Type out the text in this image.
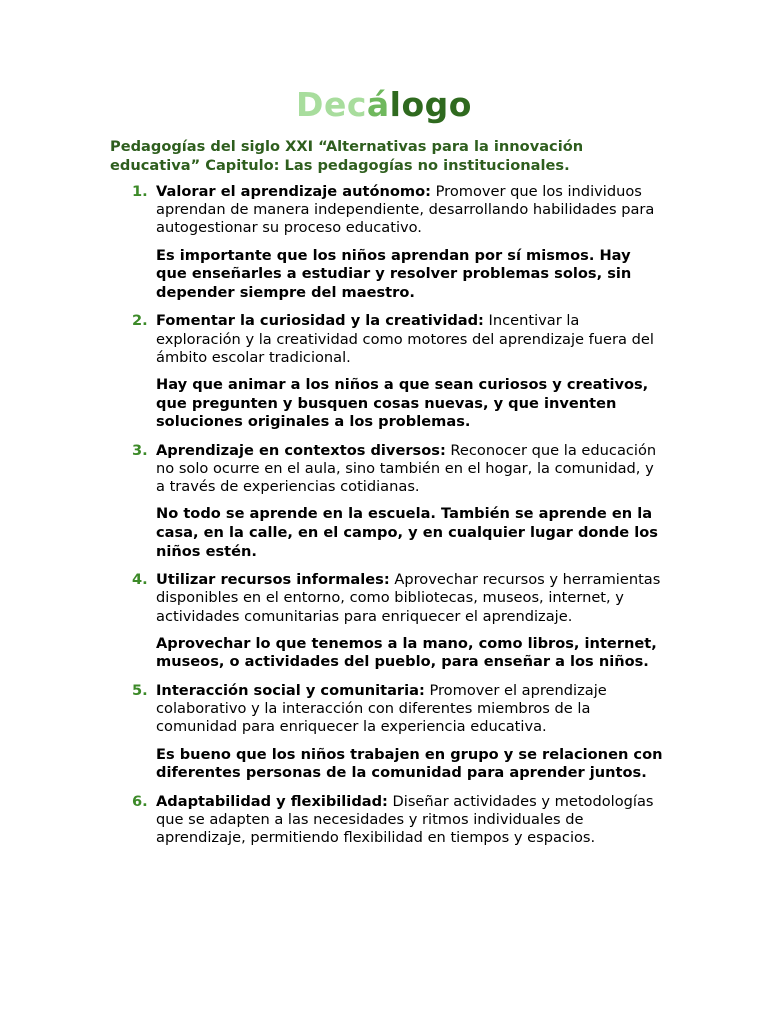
Decálogo

Pedagogías del siglo XXI “Alternativas para la innovación educativa” Capitulo: Las pedagogías no institucionales.

1. Valorar el aprendizaje autónomo: Promover que los individuos aprendan de manera independiente, desarrollando habilidades para autogestionar su proceso educativo.

Es importante que los niños aprendan por sí mismos. Hay que enseñarles a estudiar y resolver problemas solos, sin depender siempre del maestro.

2. Fomentar la curiosidad y la creatividad: Incentivar la exploración y la creatividad como motores del aprendizaje fuera del ámbito escolar tradicional.

Hay que animar a los niños a que sean curiosos y creativos, que pregunten y busquen cosas nuevas, y que inventen soluciones originales a los problemas.

3. Aprendizaje en contextos diversos: Reconocer que la educación no solo ocurre en el aula, sino también en el hogar, la comunidad, y a través de experiencias cotidianas.

No todo se aprende en la escuela. También se aprende en la casa, en la calle, en el campo, y en cualquier lugar donde los niños estén.

4. Utilizar recursos informales: Aprovechar recursos y herramientas disponibles en el entorno, como bibliotecas, museos, internet, y actividades comunitarias para enriquecer el aprendizaje.

Aprovechar lo que tenemos a la mano, como libros, internet, museos, o actividades del pueblo, para enseñar a los niños.

5. Interacción social y comunitaria: Promover el aprendizaje colaborativo y la interacción con diferentes miembros de la comunidad para enriquecer la experiencia educativa.

Es bueno que los niños trabajen en grupo y se relacionen con diferentes personas de la comunidad para aprender juntos.

6. Adaptabilidad y flexibilidad: Diseñar actividades y metodologías que se adapten a las necesidades y ritmos individuales de aprendizaje, permitiendo flexibilidad en tiempos y espacios.
